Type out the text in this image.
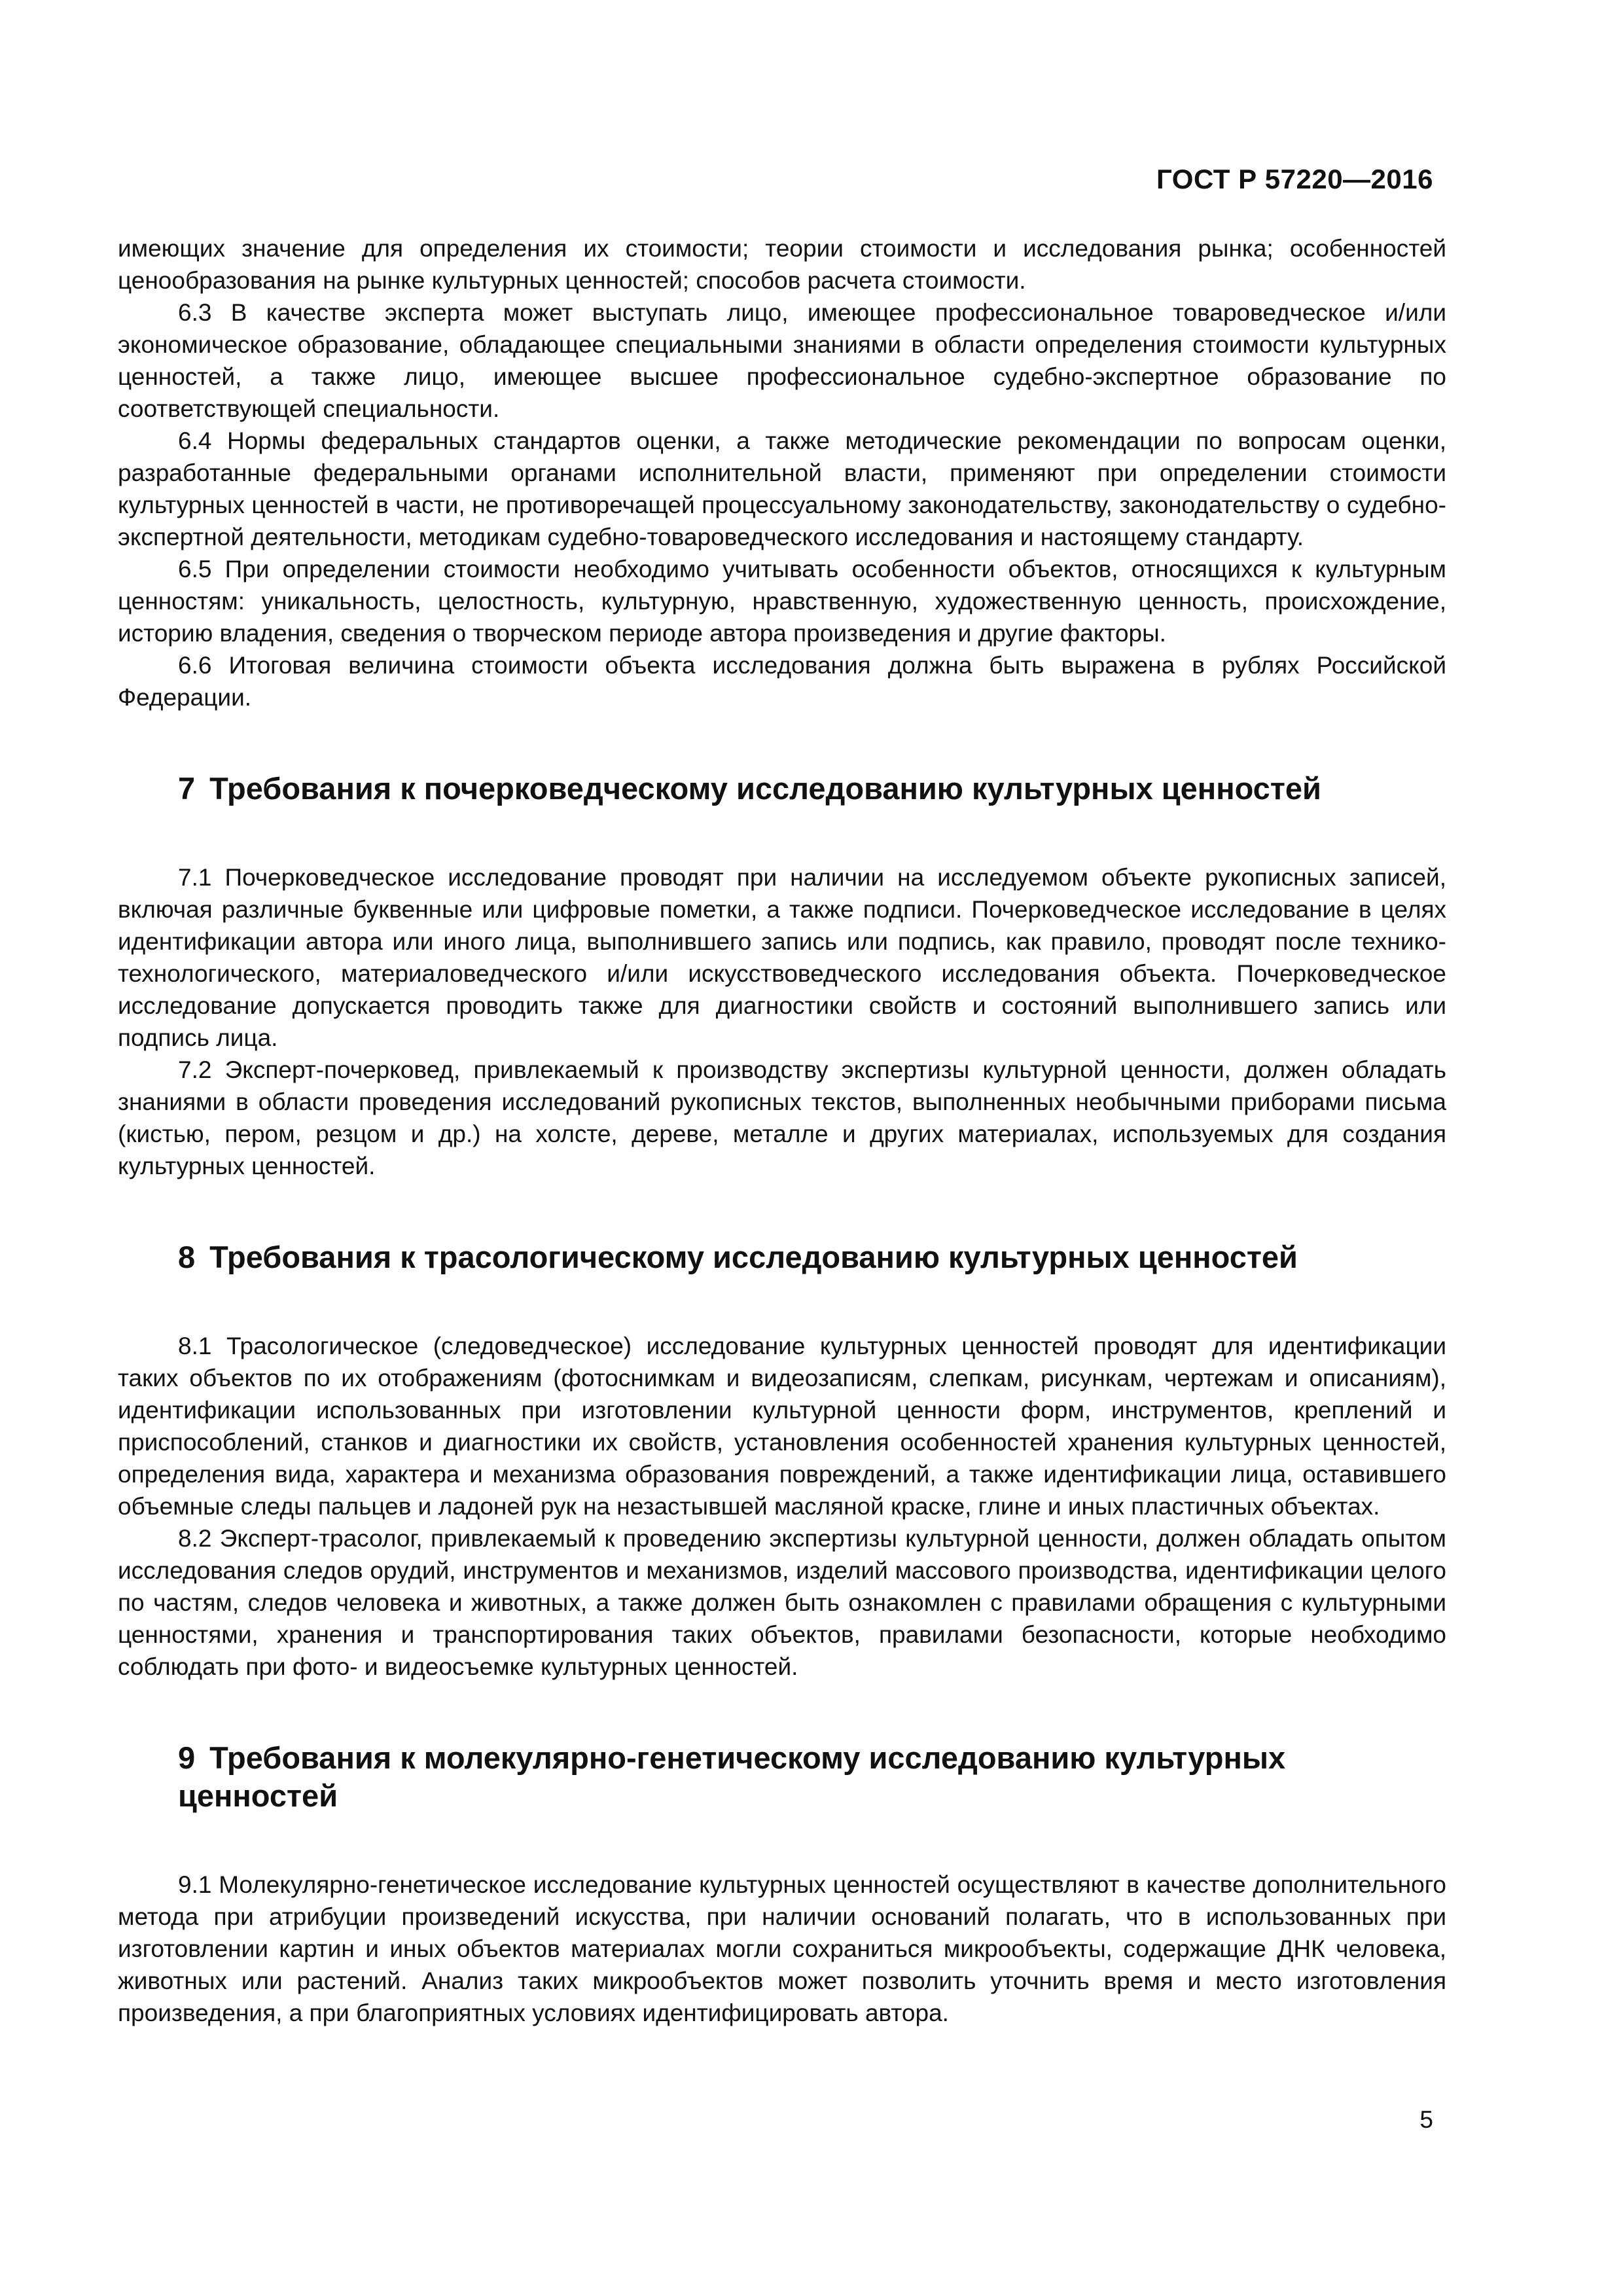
ГОСТ Р 57220—2016

имеющих значение для определения их стоимости; теории стоимости и исследования рынка; особенностей ценообразования на рынке культурных ценностей; способов расчета стоимости.

6.3 В качестве эксперта может выступать лицо, имеющее профессиональное товароведческое и/или экономическое образование, обладающее специальными знаниями в области определения стоимости культурных ценностей, а также лицо, имеющее высшее профессиональное судебно-экспертное образование по соответствующей специальности.

6.4 Нормы федеральных стандартов оценки, а также методические рекомендации по вопросам оценки, разработанные федеральными органами исполнительной власти, применяют при определении стоимости культурных ценностей в части, не противоречащей процессуальному законодательству, законодательству о судебно-экспертной деятельности, методикам судебно-товароведческого исследования и настоящему стандарту.

6.5 При определении стоимости необходимо учитывать особенности объектов, относящихся к культурным ценностям: уникальность, целостность, культурную, нравственную, художественную ценность, происхождение, историю владения, сведения о творческом периоде автора произведения и другие факторы.

6.6 Итоговая величина стоимости объекта исследования должна быть выражена в рублях Российской Федерации.

7 Требования к почерковедческому исследованию культурных ценностей

7.1 Почерковедческое исследование проводят при наличии на исследуемом объекте рукописных записей, включая различные буквенные или цифровые пометки, а также подписи. Почерковедческое исследование в целях идентификации автора или иного лица, выполнившего запись или подпись, как правило, проводят после технико-технологического, материаловедческого и/или искусствоведческого исследования объекта. Почерковедческое исследование допускается проводить также для диагностики свойств и состояний выполнившего запись или подпись лица.

7.2 Эксперт-почерковед, привлекаемый к производству экспертизы культурной ценности, должен обладать знаниями в области проведения исследований рукописных текстов, выполненных необычными приборами письма (кистью, пером, резцом и др.) на холсте, дереве, металле и других материалах, используемых для создания культурных ценностей.

8 Требования к трасологическому исследованию культурных ценностей

8.1 Трасологическое (следоведческое) исследование культурных ценностей проводят для идентификации таких объектов по их отображениям (фотоснимкам и видеозаписям, слепкам, рисункам, чертежам и описаниям), идентификации использованных при изготовлении культурной ценности форм, инструментов, креплений и приспособлений, станков и диагностики их свойств, установления особенностей хранения культурных ценностей, определения вида, характера и механизма образования повреждений, а также идентификации лица, оставившего объемные следы пальцев и ладоней рук на незастывшей масляной краске, глине и иных пластичных объектах.

8.2 Эксперт-трасолог, привлекаемый к проведению экспертизы культурной ценности, должен обладать опытом исследования следов орудий, инструментов и механизмов, изделий массового производства, идентификации целого по частям, следов человека и животных, а также должен быть ознакомлен с правилами обращения с культурными ценностями, хранения и транспортирования таких объектов, правилами безопасности, которые необходимо соблюдать при фото- и видеосъемке культурных ценностей.

9 Требования к молекулярно-генетическому исследованию культурных ценностей

9.1 Молекулярно-генетическое исследование культурных ценностей осуществляют в качестве дополнительного метода при атрибуции произведений искусства, при наличии оснований полагать, что в использованных при изготовлении картин и иных объектов материалах могли сохраниться микрообъекты, содержащие ДНК человека, животных или растений. Анализ таких микрообъектов может позволить уточнить время и место изготовления произведения, а при благоприятных условиях идентифицировать автора.

5
